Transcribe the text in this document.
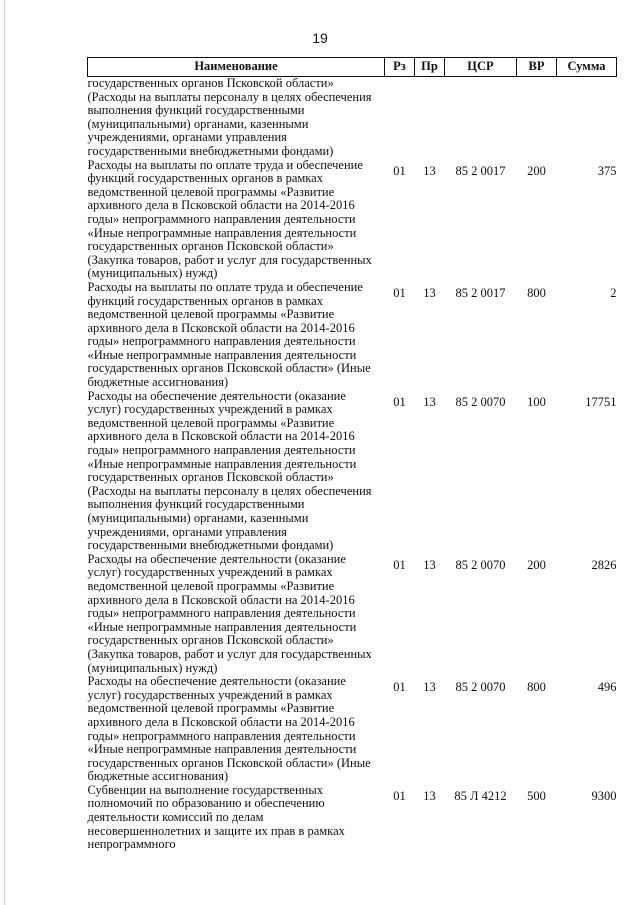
19
Наименование	Рз	Пр	ЦСР	ВР	Сумма
государственных органов Псковской области» (Расходы на выплаты персоналу в целях обеспечения выполнения функций государственными (муниципальными) органами, казенными учреждениями, органами управления государственными внебюджетными фондами)					
Расходы на выплаты по оплате труда и обеспечение функций государственных органов в рамках ведомственной целевой программы «Развитие архивного дела в Псковской области на 2014-2016 годы» непрограммного направления деятельности «Иные непрограммные направления деятельности государственных органов Псковской области» (Закупка товаров, работ и услуг для государственных (муниципальных) нужд)	01	13	85 2 0017	200	375
Расходы на выплаты по оплате труда и обеспечение функций государственных органов в рамках ведомственной целевой программы «Развитие архивного дела в Псковской области на 2014-2016 годы» непрограммного направления деятельности «Иные непрограммные направления деятельности государственных органов Псковской области» (Иные бюджетные ассигнования)	01	13	85 2 0017	800	2
Расходы на обеспечение деятельности (оказание услуг) государственных учреждений в рамках ведомственной целевой программы «Развитие архивного дела в Псковской области на 2014-2016 годы» непрограммного направления деятельности «Иные непрограммные направления деятельности государственных органов Псковской области» (Расходы на выплаты персоналу в целях обеспечения выполнения функций государственными (муниципальными) органами, казенными учреждениями, органами управления государственными внебюджетными фондами)	01	13	85 2 0070	100	17751
Расходы на обеспечение деятельности (оказание услуг) государственных учреждений в рамках ведомственной целевой программы «Развитие архивного дела в Псковской области на 2014-2016 годы» непрограммного направления деятельности «Иные непрограммные направления деятельности государственных органов Псковской области» (Закупка товаров, работ и услуг для государственных (муниципальных) нужд)	01	13	85 2 0070	200	2826
Расходы на обеспечение деятельности (оказание услуг) государственных учреждений в рамках ведомственной целевой программы «Развитие архивного дела в Псковской области на 2014-2016 годы» непрограммного направления деятельности «Иные непрограммные направления деятельности государственных органов Псковской области» (Иные бюджетные ассигнования)	01	13	85 2 0070	800	496
Субвенции на выполнение государственных полномочий по образованию и обеспечению деятельности комиссий по делам несовершеннолетних и защите их прав в рамках непрограммного	01	13	85 Л 4212	500	9300
